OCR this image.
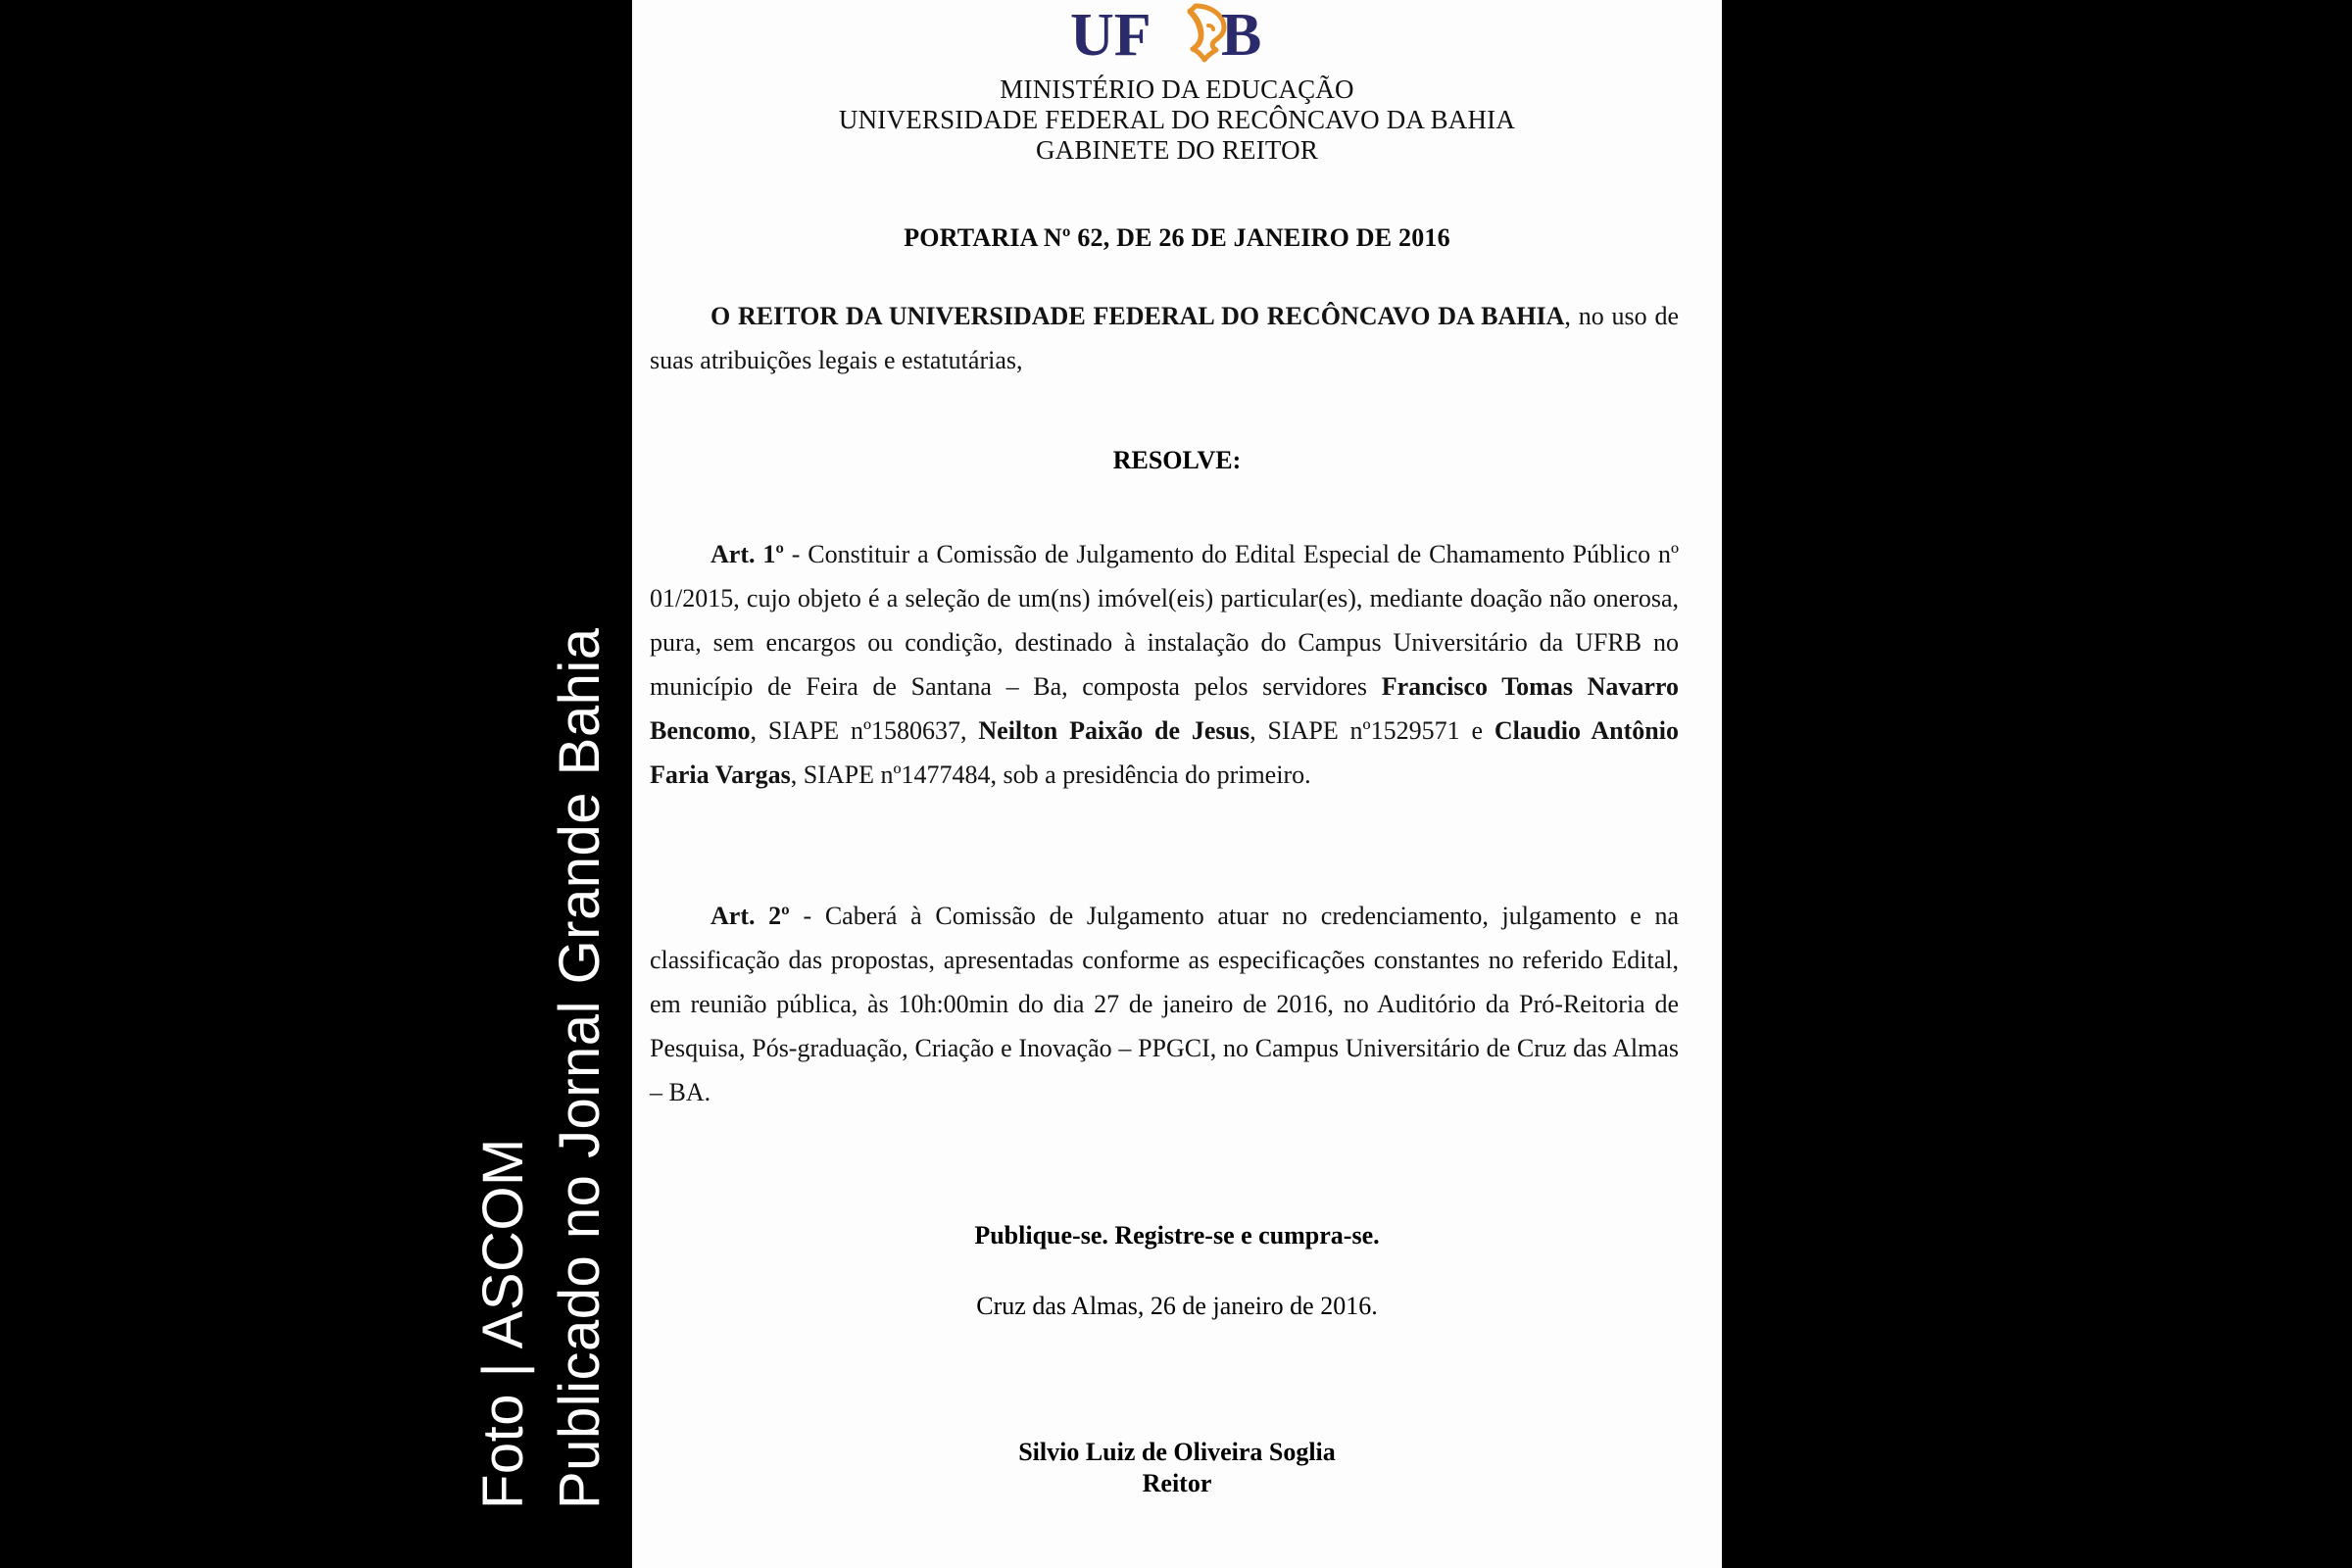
Foto | ASCOM Publicado no Jornal Grande Bahia
UF B
MINISTÉRIO DA EDUCAÇÃO
UNIVERSIDADE FEDERAL DO RECÔNCAVO DA BAHIA
GABINETE DO REITOR
PORTARIA Nº 62, DE 26 DE JANEIRO DE 2016
O REITOR DA UNIVERSIDADE FEDERAL DO RECÔNCAVO DA BAHIA, no uso de suas atribuições legais e estatutárias,
RESOLVE:
Art. 1º - Constituir a Comissão de Julgamento do Edital Especial de Chamamento Público nº 01/2015, cujo objeto é a seleção de um(ns) imóvel(eis) particular(es), mediante doação não onerosa, pura, sem encargos ou condição, destinado à instalação do Campus Universitário da UFRB no município de Feira de Santana – Ba, composta pelos servidores Francisco Tomas Navarro Bencomo, SIAPE nº1580637, Neilton Paixão de Jesus, SIAPE nº1529571 e Claudio Antônio Faria Vargas, SIAPE nº1477484, sob a presidência do primeiro.
Art. 2º - Caberá à Comissão de Julgamento atuar no credenciamento, julgamento e na classificação das propostas, apresentadas conforme as especificações constantes no referido Edital, em reunião pública, às 10h:00min do dia 27 de janeiro de 2016, no Auditório da Pró-Reitoria de Pesquisa, Pós-graduação, Criação e Inovação – PPGCI, no Campus Universitário de Cruz das Almas – BA.
Publique-se. Registre-se e cumpra-se.
Cruz das Almas, 26 de janeiro de 2016.
Silvio Luiz de Oliveira Soglia
Reitor
